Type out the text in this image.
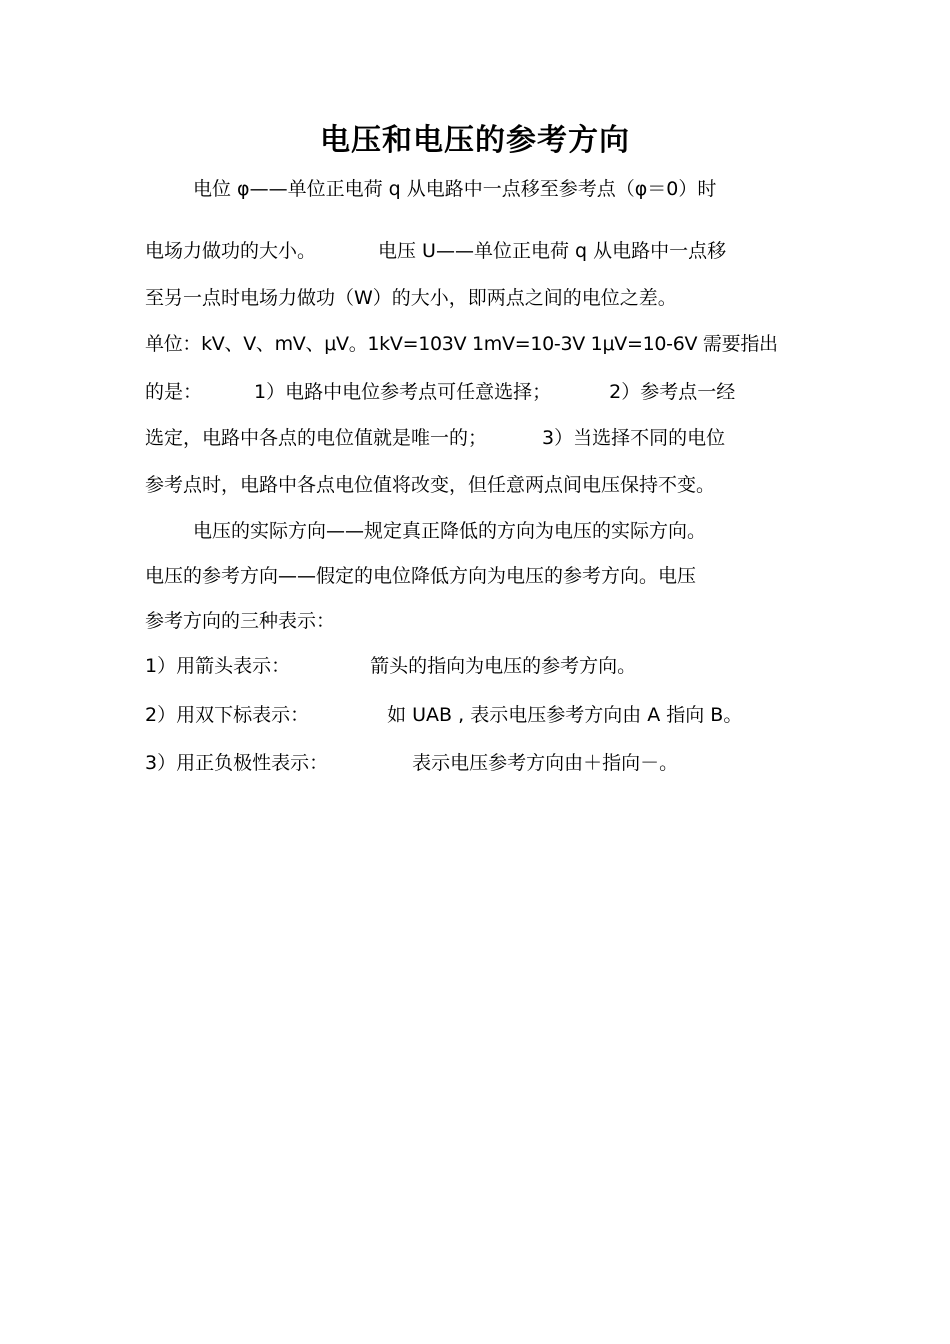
电压和电压的参考方向
电位 φ——单位正电荷 q 从电路中一点移至参考点（φ＝0）时
电场力做功的大小。	电压 U——单位正电荷 q 从电路中一点移
至另一点时电场力做功（W）的大小，即两点之间的电位之差。
单位：kV、V、mV、μV。1kV=103V 1mV=10-3V 1μV=10-6V 需要指出
的是：	1）电路中电位参考点可任意选择；	2）参考点一经
选定，电路中各点的电位值就是唯一的；	3）当选择不同的电位
参考点时，电路中各点电位值将改变，但任意两点间电压保持不变。
电压的实际方向——规定真正降低的方向为电压的实际方向。
电压的参考方向——假定的电位降低方向为电压的参考方向。电压
参考方向的三种表示：
1）用箭头表示：	箭头的指向为电压的参考方向。
2）用双下标表示：	如 UAB , 表示电压参考方向由 A 指向 B。
3）用正负极性表示：	表示电压参考方向由＋指向－。
